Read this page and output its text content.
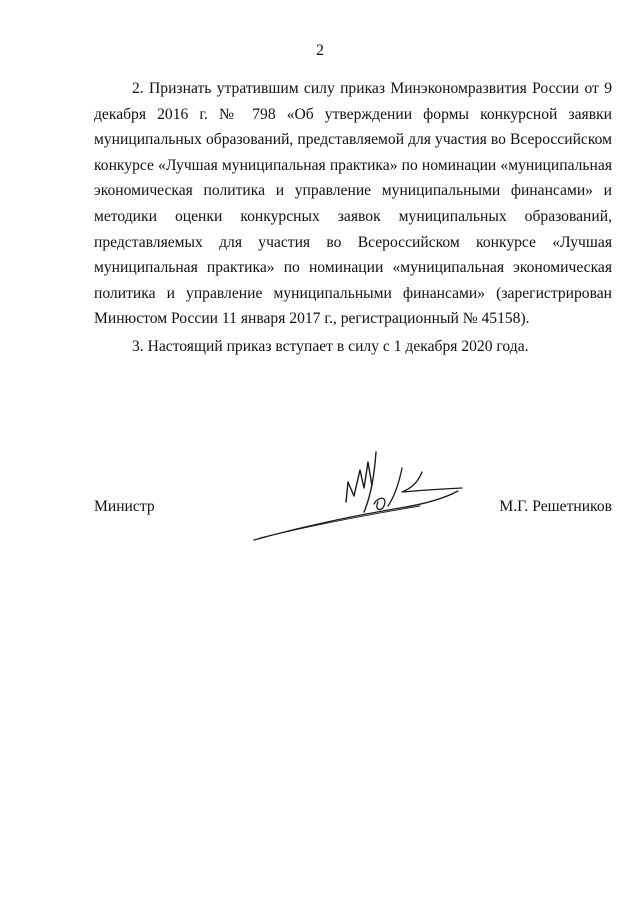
2

2. Признать утратившим силу приказ Минэкономразвития России от 9 декабря 2016 г. № 798 «Об утверждении формы конкурсной заявки муниципальных образований, представляемой для участия во Всероссийском конкурсе «Лучшая муниципальная практика» по номинации «муниципальная экономическая политика и управление муниципальными финансами» и методики оценки конкурсных заявок муниципальных образований, представляемых для участия во Всероссийском конкурсе «Лучшая муниципальная практика» по номинации «муниципальная экономическая политика и управление муниципальными финансами» (зарегистрирован Минюстом России 11 января 2017 г., регистрационный № 45158).

3. Настоящий приказ вступает в силу с 1 декабря 2020 года.

Министр	М.Г. Решетников
